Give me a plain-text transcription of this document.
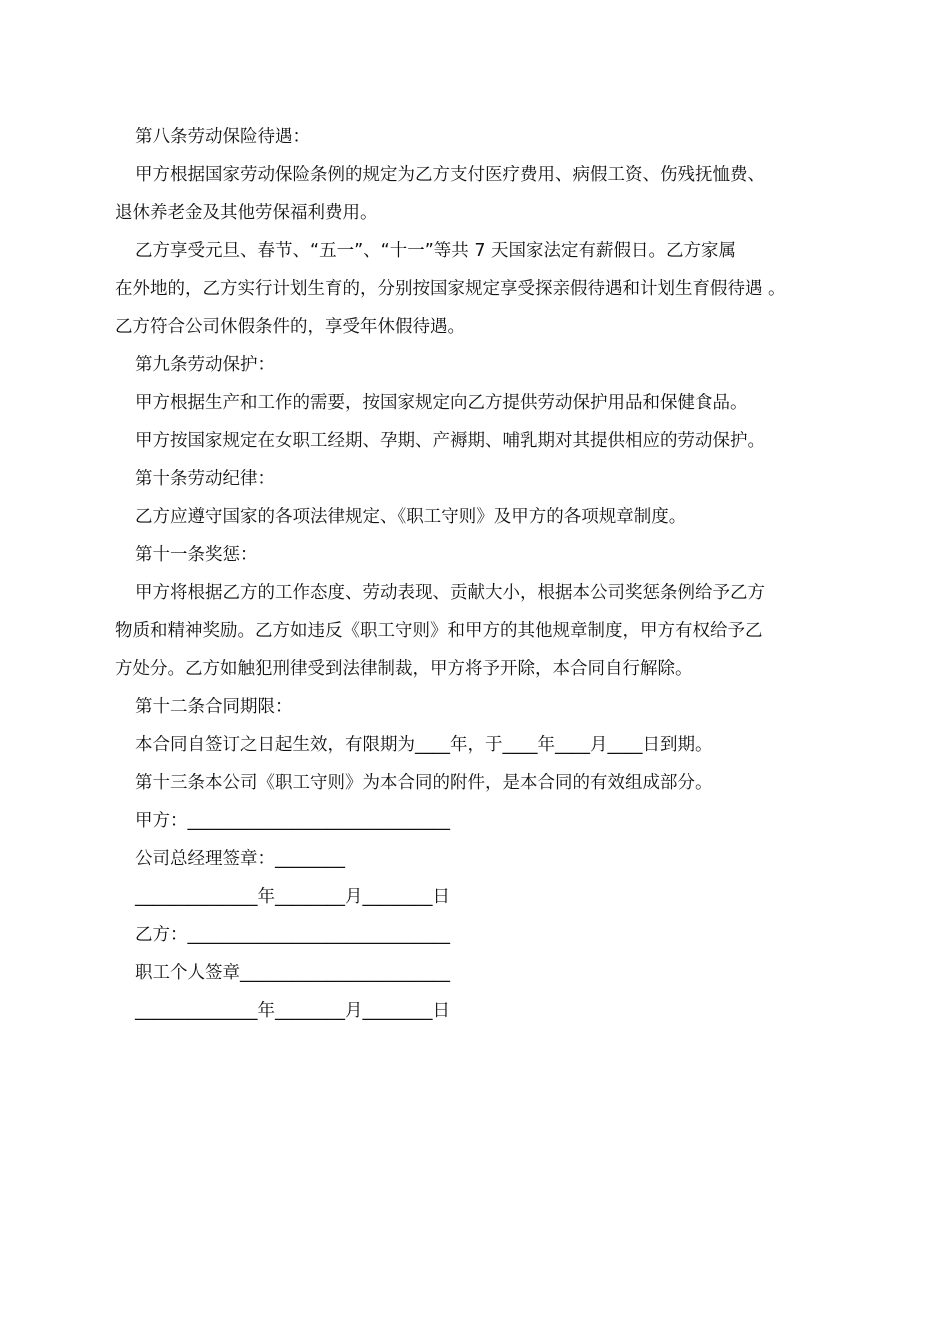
第八条劳动保险待遇：
甲方根据国家劳动保险条例的规定为乙方支付医疗费用、病假工资、伤残抚恤费、
退休养老金及其他劳保福利费用。
乙方享受元旦、春节、“五一”、“十一”等共 7 天国家法定有薪假日。乙方家属
在外地的，乙方实行计划生育的，分别按国家规定享受探亲假待遇和计划生育假待遇 。
乙方符合公司休假条件的，享受年休假待遇。
第九条劳动保护：
甲方根据生产和工作的需要，按国家规定向乙方提供劳动保护用品和保健食品。
甲方按国家规定在女职工经期、孕期、产褥期、哺乳期对其提供相应的劳动保护。
第十条劳动纪律：
乙方应遵守国家的各项法律规定、《职工守则》及甲方的各项规章制度。
第十一条奖惩：
甲方将根据乙方的工作态度、劳动表现、贡献大小，根据本公司奖惩条例给予乙方
物质和精神奖励。乙方如违反《职工守则》和甲方的其他规章制度，甲方有权给予乙
方处分。乙方如触犯刑律受到法律制裁，甲方将予开除，本合同自行解除。
第十二条合同期限：
本合同自签订之日起生效，有限期为____年，于____年____月____日到期。
第十三条本公司《职工守则》为本合同的附件，是本合同的有效组成部分。
甲方：______________________________
公司总经理签章：________
______________年________月________日
乙方：______________________________
职工个人签章________________________
______________年________月________日
